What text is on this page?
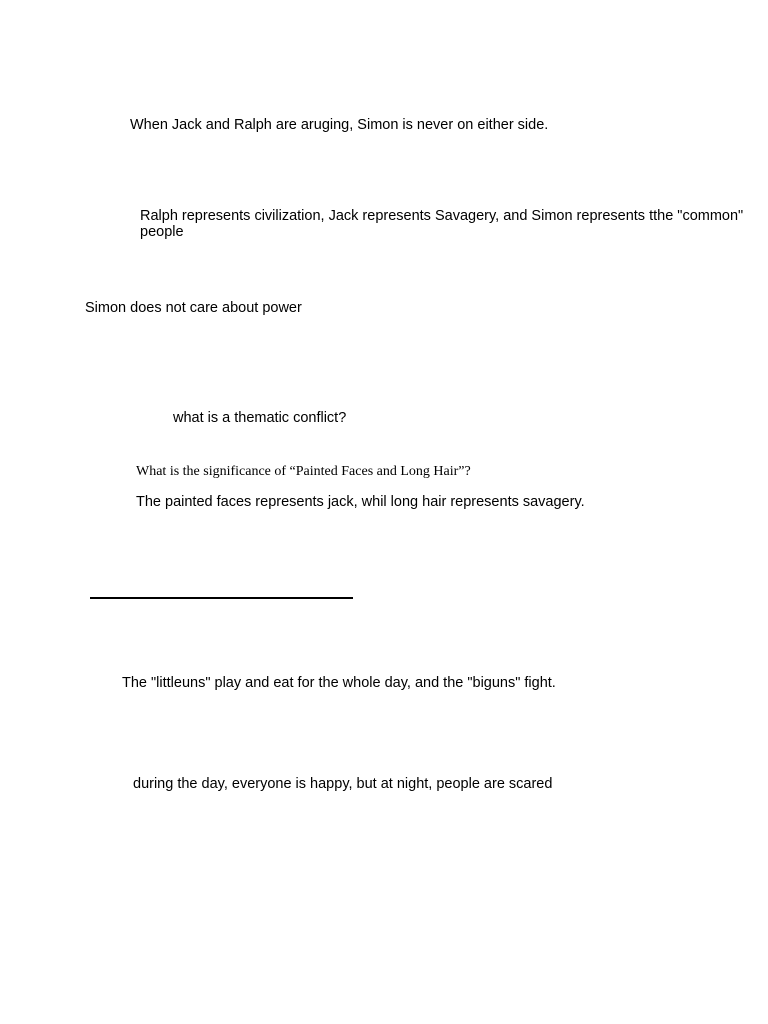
When Jack and Ralph are aruging, Simon is never on either side.

Ralph represents civilization, Jack represents Savagery, and Simon represents tthe "common" people

Simon does not care about power

what is a thematic conflict?

What is the significance of “Painted Faces and Long Hair”?

The painted faces represents jack, whil long hair represents savagery.

The "littleuns" play and eat for the whole day, and the "biguns" fight.

during the day, everyone is happy, but at night, people are scared
